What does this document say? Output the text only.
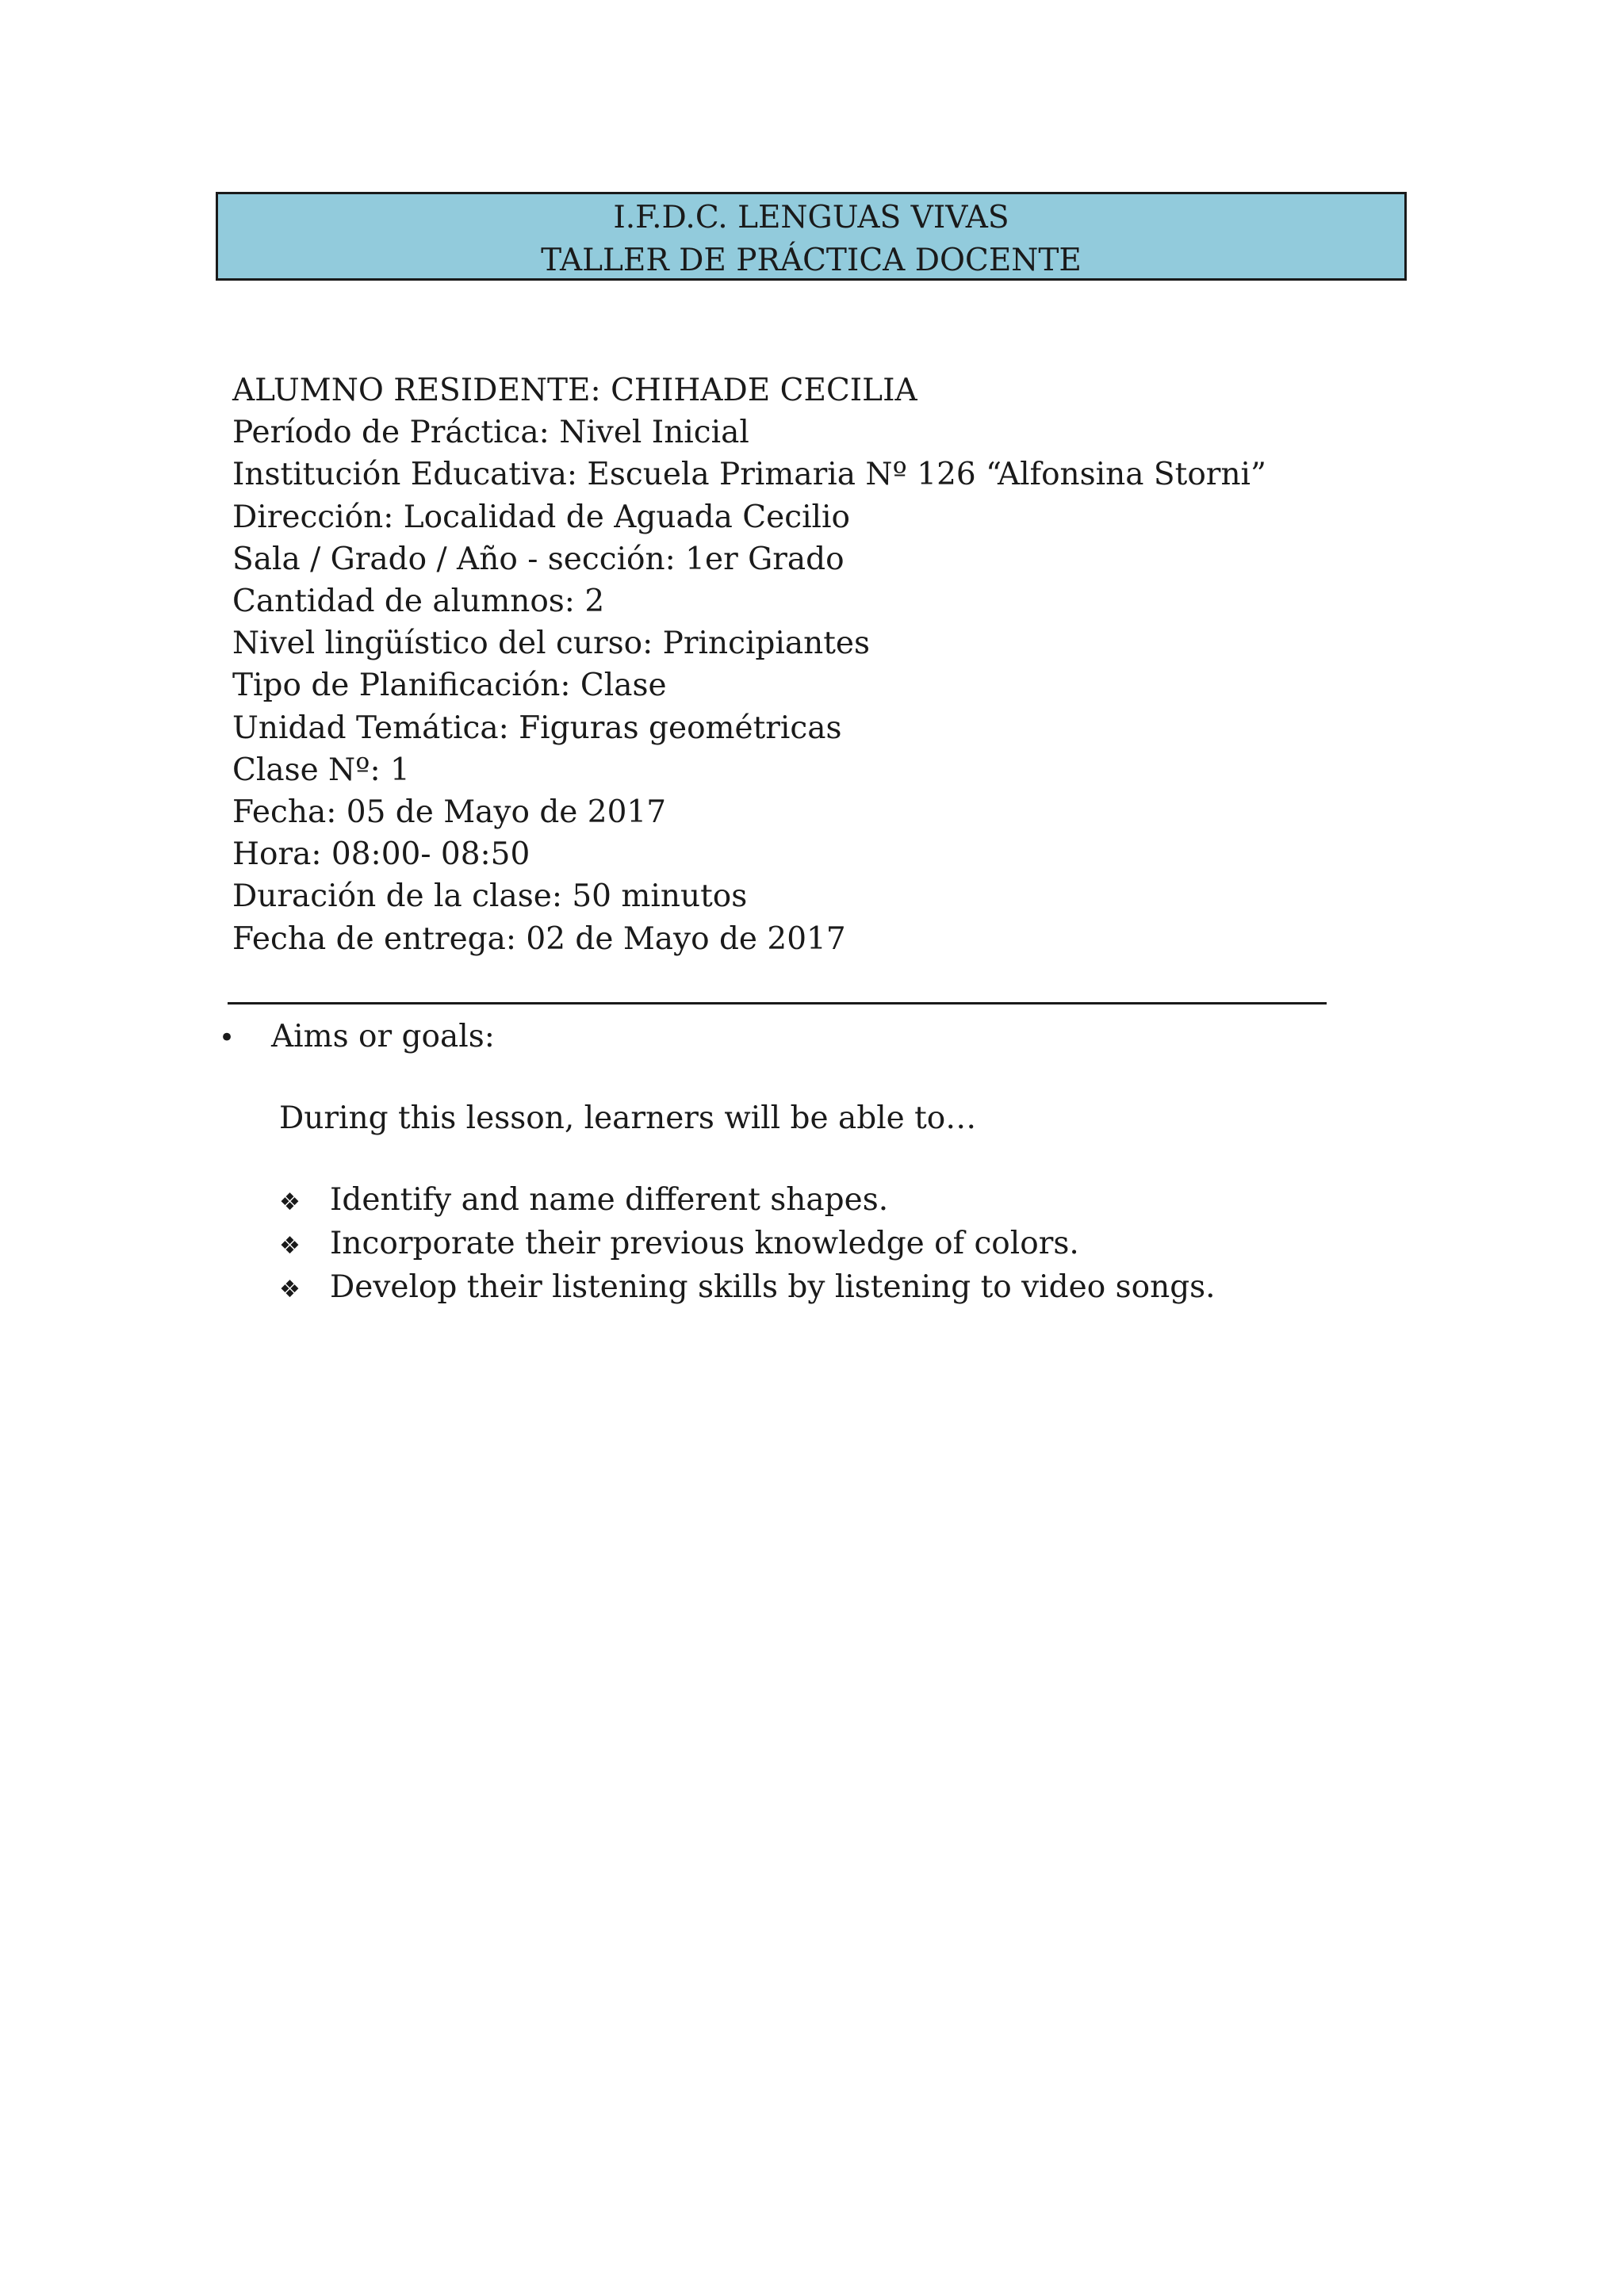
I.F.D.C. LENGUAS VIVAS
TALLER DE PRÁCTICA DOCENTE
ALUMNO RESIDENTE: CHIHADE CECILIA
Período de Práctica: Nivel Inicial
Institución Educativa: Escuela Primaria Nº 126 “Alfonsina Storni”
Dirección: Localidad de Aguada Cecilio
Sala / Grado / Año - sección: 1er Grado
Cantidad de alumnos: 2
Nivel lingüístico del curso: Principiantes
Tipo de Planificación: Clase
Unidad Temática: Figuras geométricas
Clase Nº: 1
Fecha: 05 de Mayo de 2017
Hora: 08:00- 08:50
Duración de la clase: 50 minutos
Fecha de entrega: 02 de Mayo de 2017
• Aims or goals:
During this lesson, learners will be able to…
❖ Identify and name different shapes.
❖ Incorporate their previous knowledge of colors.
❖ Develop their listening skills by listening to video songs.
